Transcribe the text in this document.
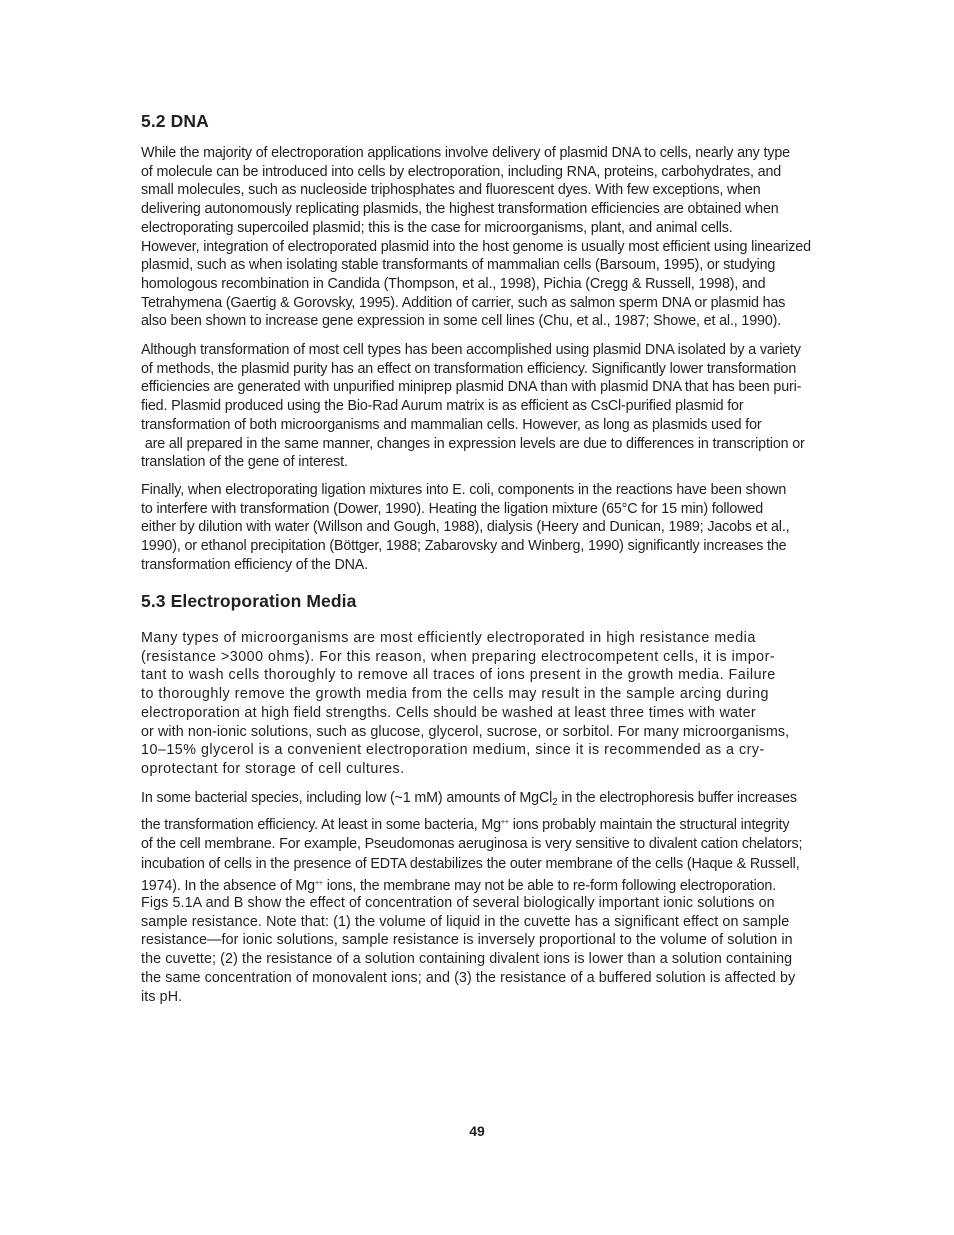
5.2 DNA

While the majority of electroporation applications involve delivery of plasmid DNA to cells, nearly any type
of molecule can be introduced into cells by electroporation, including RNA, proteins, carbohydrates, and
small molecules, such as nucleoside triphosphates and fluorescent dyes. With few exceptions, when
delivering autonomously replicating plasmids, the highest transformation efficiencies are obtained when
electroporating supercoiled plasmid; this is the case for microorganisms, plant, and animal cells.
However, integration of electroporated plasmid into the host genome is usually most efficient using linearized
plasmid, such as when isolating stable transformants of mammalian cells (Barsoum, 1995), or studying
homologous recombination in Candida (Thompson, et al., 1998), Pichia (Cregg & Russell, 1998), and
Tetrahymena (Gaertig & Gorovsky, 1995). Addition of carrier, such as salmon sperm DNA or plasmid has
also been shown to increase gene expression in some cell lines (Chu, et al., 1987; Showe, et al., 1990).

Although transformation of most cell types has been accomplished using plasmid DNA isolated by a variety
of methods, the plasmid purity has an effect on transformation efficiency. Significantly lower transformation
efficiencies are generated with unpurified miniprep plasmid DNA than with plasmid DNA that has been puri-
fied. Plasmid produced using the Bio-Rad Aurum matrix is as efficient as CsCl-purified plasmid for
transformation of both microorganisms and mammalian cells. However, as long as plasmids used for
are all prepared in the same manner, changes in expression levels are due to differences in transcription or
translation of the gene of interest.

Finally, when electroporating ligation mixtures into E. coli, components in the reactions have been shown
to interfere with transformation (Dower, 1990). Heating the ligation mixture (65°C for 15 min) followed
either by dilution with water (Willson and Gough, 1988), dialysis (Heery and Dunican, 1989; Jacobs et al.,
1990), or ethanol precipitation (Böttger, 1988; Zabarovsky and Winberg, 1990) significantly increases the
transformation efficiency of the DNA.

5.3 Electroporation Media

Many types of microorganisms are most efficiently electroporated in high resistance media
(resistance >3000 ohms). For this reason, when preparing electrocompetent cells, it is impor-
tant to wash cells thoroughly to remove all traces of ions present in the growth media. Failure
to thoroughly remove the growth media from the cells may result in the sample arcing during
electroporation at high field strengths. Cells should be washed at least three times with water
or with non-ionic solutions, such as glucose, glycerol, sucrose, or sorbitol. For many microorganisms,
10–15% glycerol is a convenient electroporation medium, since it is recommended as a cry-
oprotectant for storage of cell cultures.

In some bacterial species, including low (~1 mM) amounts of MgCl$_2$ in the electrophoresis buffer increases
the transformation efficiency. At least in some bacteria, Mg++ ions probably maintain the structural integrity
of the cell membrane. For example, Pseudomonas aeruginosa is very sensitive to divalent cation chelators;
incubation of cells in the presence of EDTA destabilizes the outer membrane of the cells (Haque & Russell,
1974). In the absence of Mg++ ions, the membrane may not be able to re-form following electroporation.

Figs 5.1A and B show the effect of concentration of several biologically important ionic solutions on
sample resistance. Note that: (1) the volume of liquid in the cuvette has a significant effect on sample
resistance—for ionic solutions, sample resistance is inversely proportional to the volume of solution in
the cuvette; (2) the resistance of a solution containing divalent ions is lower than a solution containing
the same concentration of monovalent ions; and (3) the resistance of a buffered solution is affected by
its pH.

49
